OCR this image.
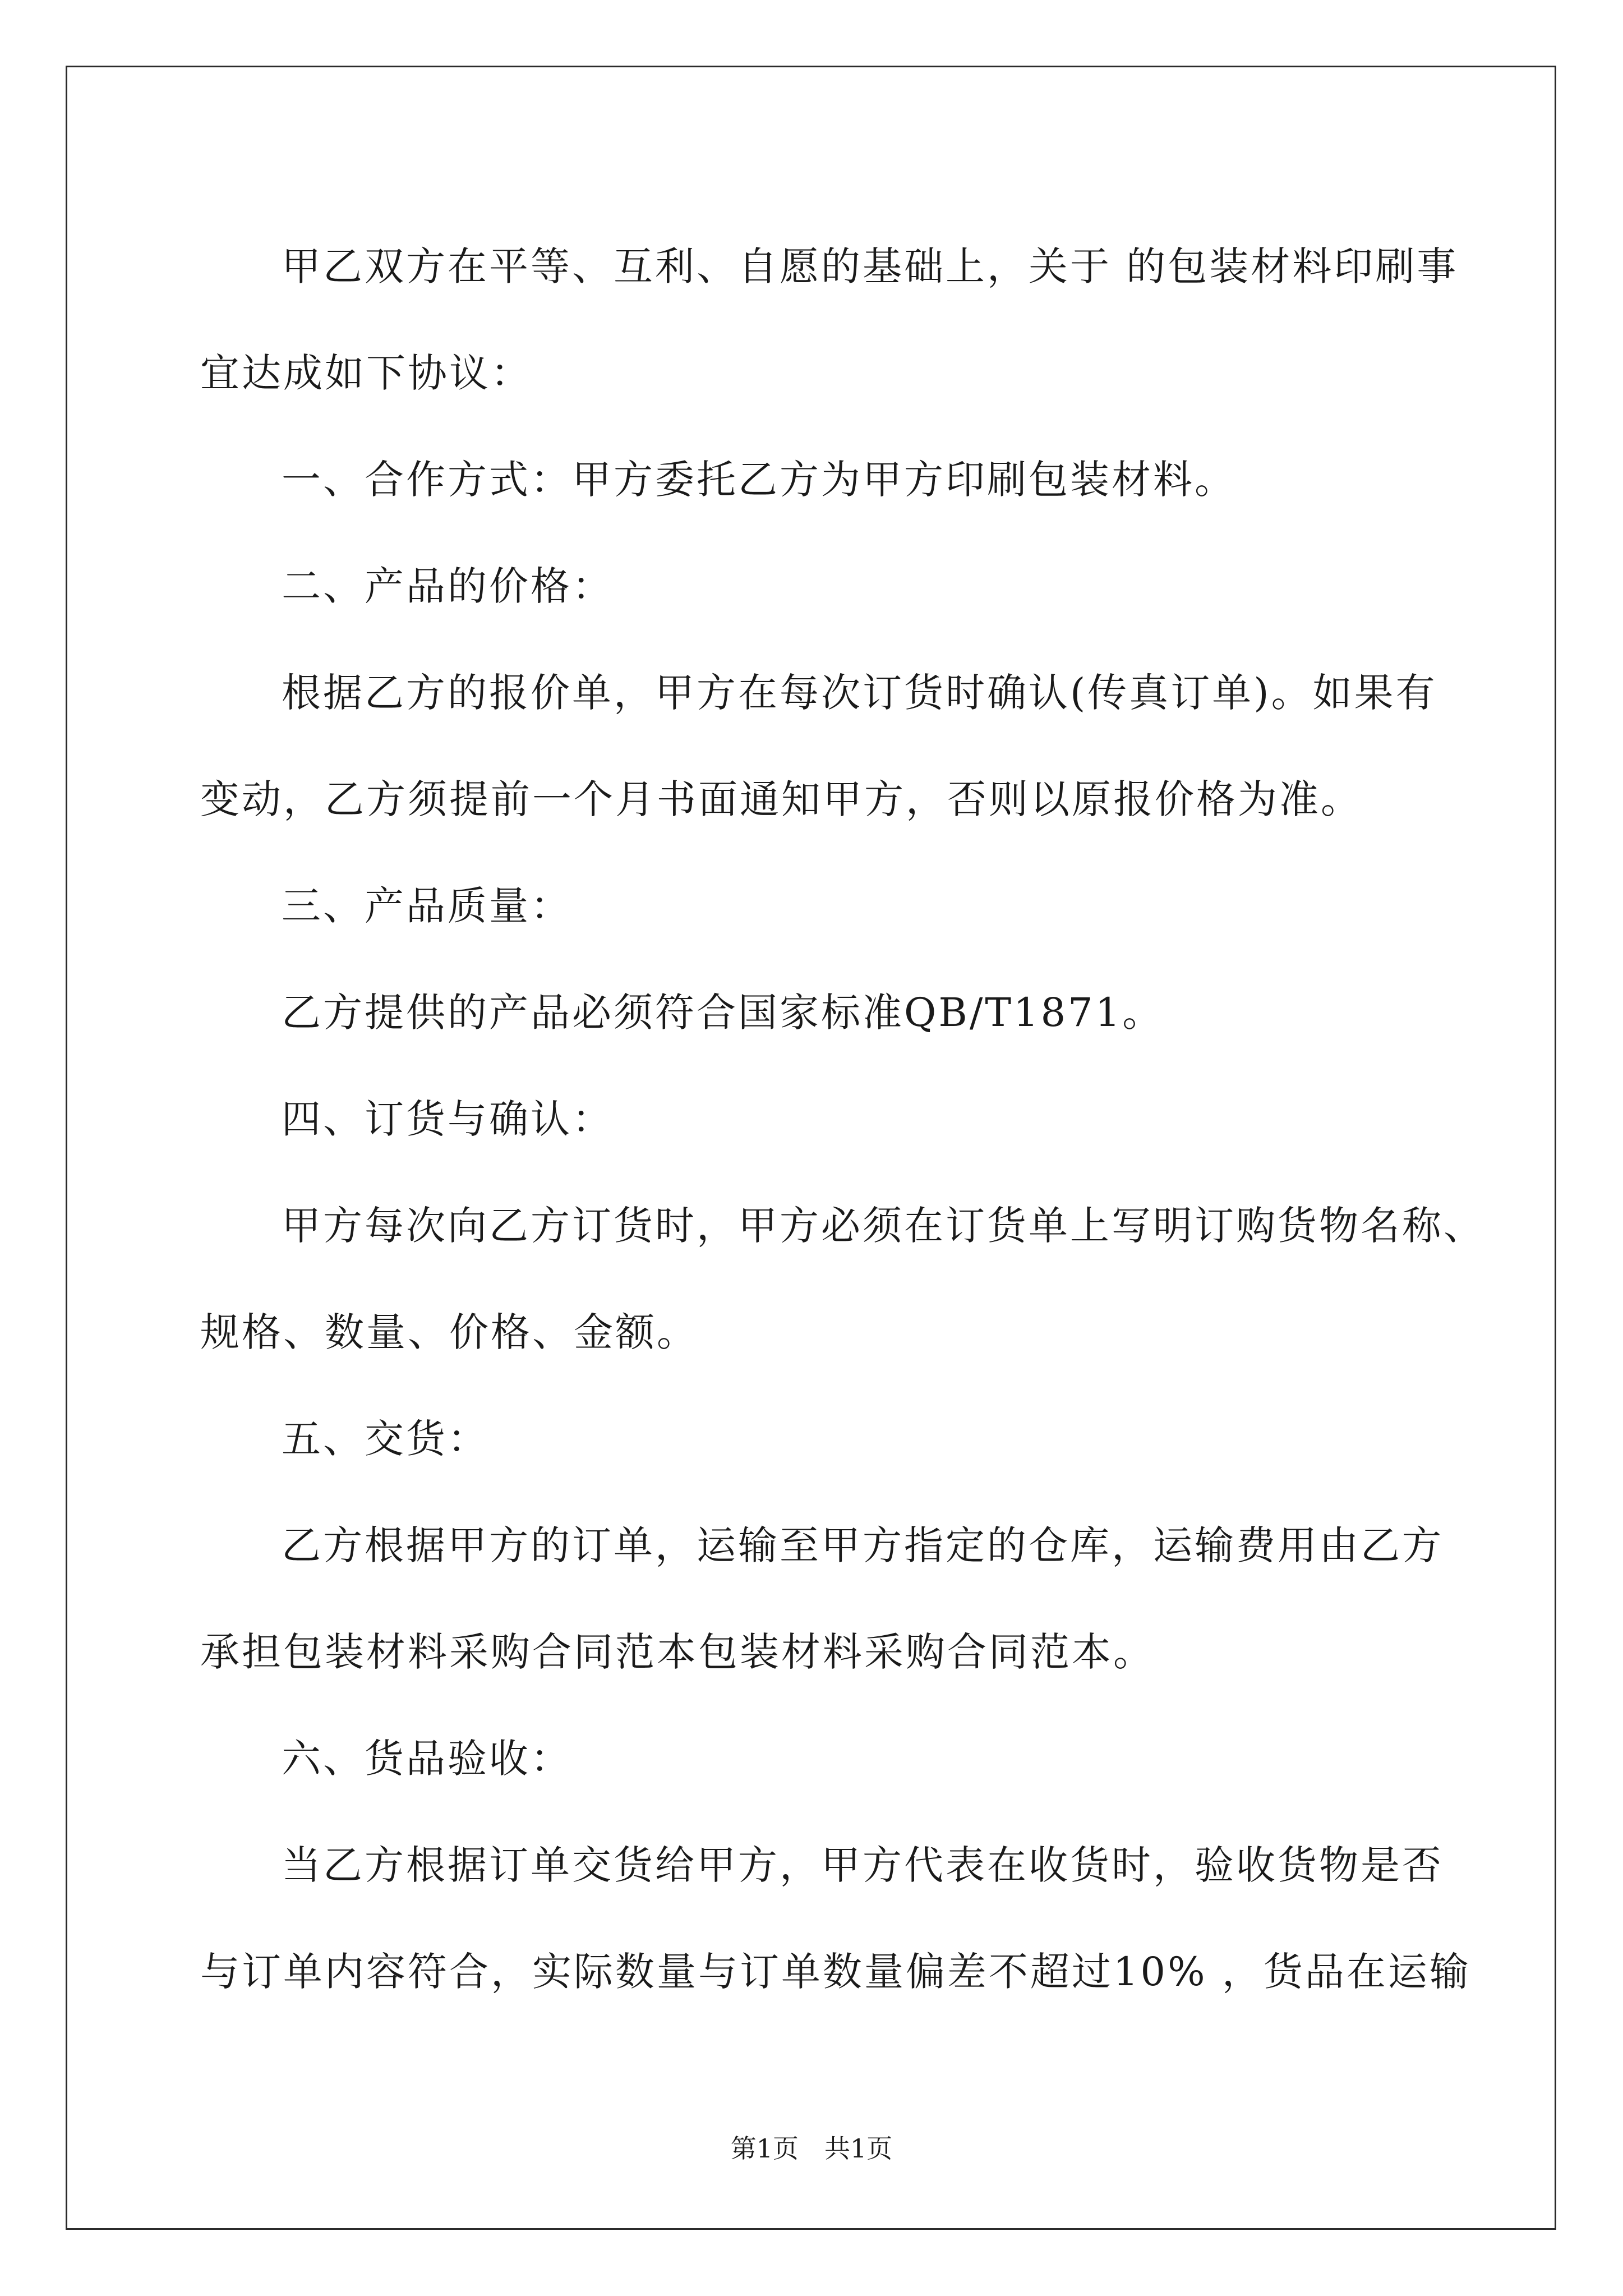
甲乙双方在平等、互利、自愿的基础上，关于 的包装材料印刷事
宜达成如下协议：
一、合作方式：甲方委托乙方为甲方印刷包装材料。
二、产品的价格：
根据乙方的报价单，甲方在每次订货时确认(传真订单)。如果有
变动，乙方须提前一个月书面通知甲方，否则以原报价格为准。
三、产品质量：
乙方提供的产品必须符合国家标准QB/T1871。
四、订货与确认：
甲方每次向乙方订货时，甲方必须在订货单上写明订购货物名称、
规格、数量、价格、金额。
五、交货：
乙方根据甲方的订单，运输至甲方指定的仓库，运输费用由乙方
承担包装材料采购合同范本包装材料采购合同范本。
六、货品验收：
当乙方根据订单交货给甲方，甲方代表在收货时，验收货物是否
与订单内容符合，实际数量与订单数量偏差不超过10% ，货品在运输
第1页　共1页
